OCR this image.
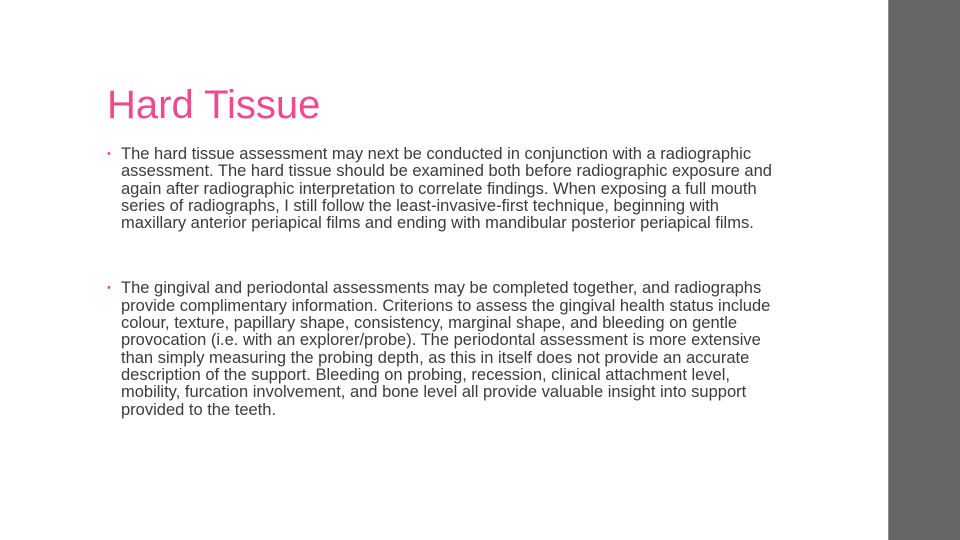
Hard Tissue
• The hard tissue assessment may next be conducted in conjunction with a radiographic assessment. The hard tissue should be examined both before radiographic exposure and again after radiographic interpretation to correlate findings. When exposing a full mouth series of radiographs, I still follow the least-invasive-first technique, beginning with maxillary anterior periapical films and ending with mandibular posterior periapical films.
• The gingival and periodontal assessments may be completed together, and radiographs provide complimentary information. Criterions to assess the gingival health status include colour, texture, papillary shape, consistency, marginal shape, and bleeding on gentle provocation (i.e. with an explorer/probe). The periodontal assessment is more extensive than simply measuring the probing depth, as this in itself does not provide an accurate description of the support. Bleeding on probing, recession, clinical attachment level, mobility, furcation involvement, and bone level all provide valuable insight into support provided to the teeth.
